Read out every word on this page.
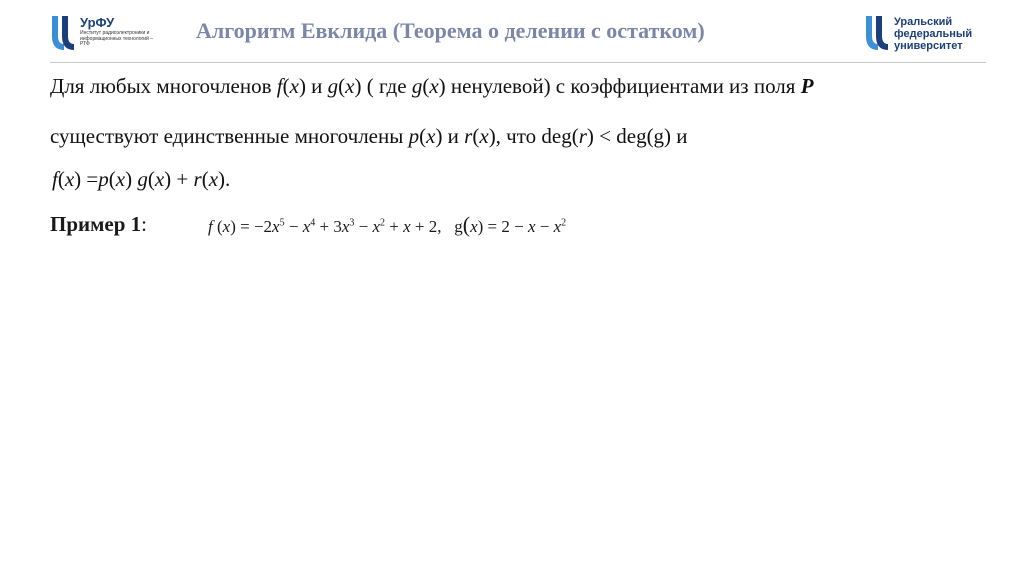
УрФУ
Институт радиоэлектроники и информационных технологий – РТФ
Алгоритм Евклида (Теорема о делении с остатком)	Уральский
федеральный
университет
Для любых многочленов f(x) и g(x) ( где g(x) ненулевой) с коэффициентами из поля P
существуют единственные многочлены p(x) и r(x), что deg(r) < deg(g) и
f(x) =p(x) g(x) + r(x).
Пример 1:	f $(x) = -2x^5 - x^4 + 3x^3 - x^2 + x + 2$, $g(x) = 2 - x - x^2$
